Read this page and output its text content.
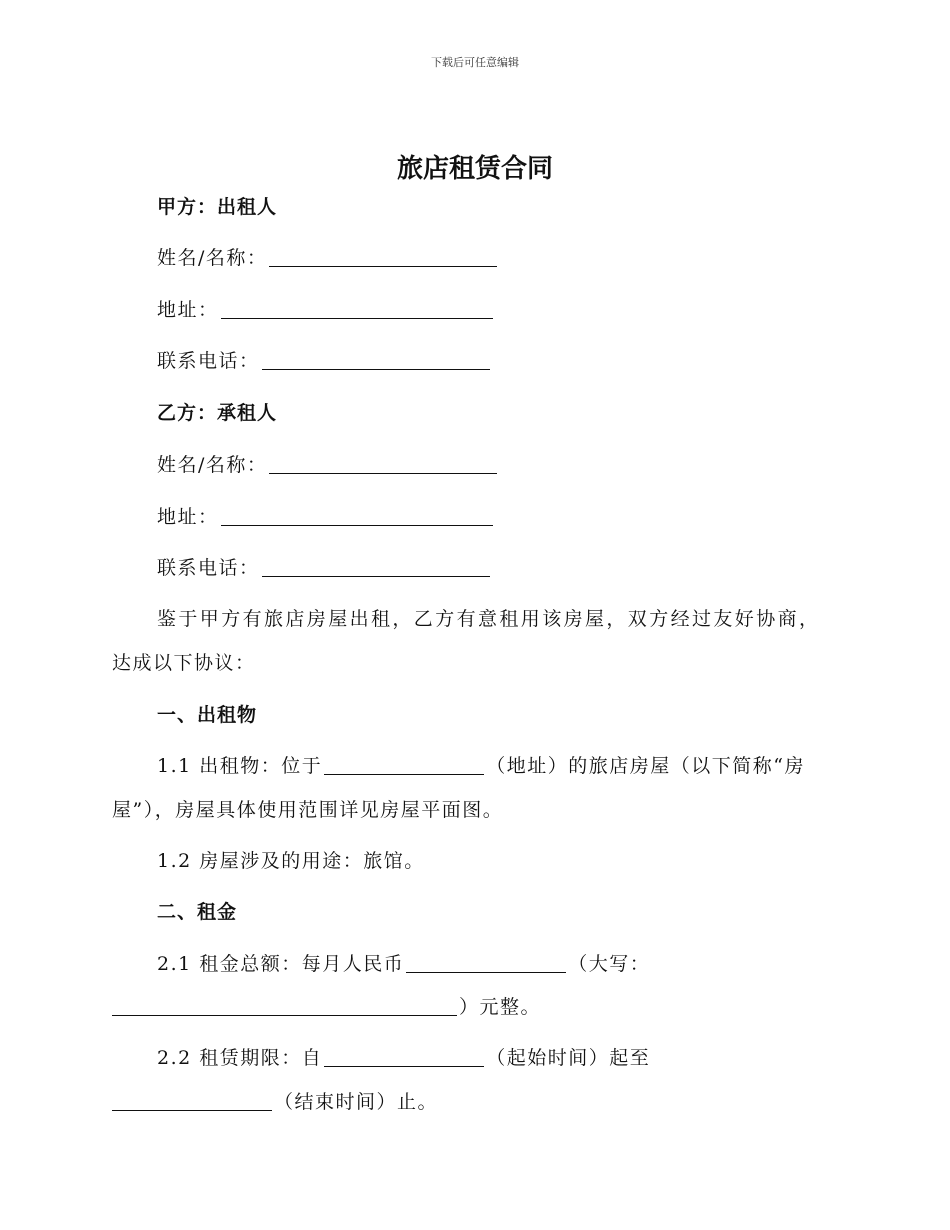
下载后可任意编辑
旅店租赁合同
甲方：出租人
姓名/名称：
地址：
联系电话：
乙方：承租人
姓名/名称：
地址：
联系电话：
鉴于甲方有旅店房屋出租，乙方有意租用该房屋，双方经过友好协商，
达成以下协议：
一、出租物
1.1 出租物：位于	（地址）的旅店房屋（以下简称“房
屋”），房屋具体使用范围详见房屋平面图。
1.2 房屋涉及的用途：旅馆。
二、租金
2.1 租金总额：每月人民币	（大写：
）元整。
2.2 租赁期限：自	（起始时间）起至
（结束时间）止。
